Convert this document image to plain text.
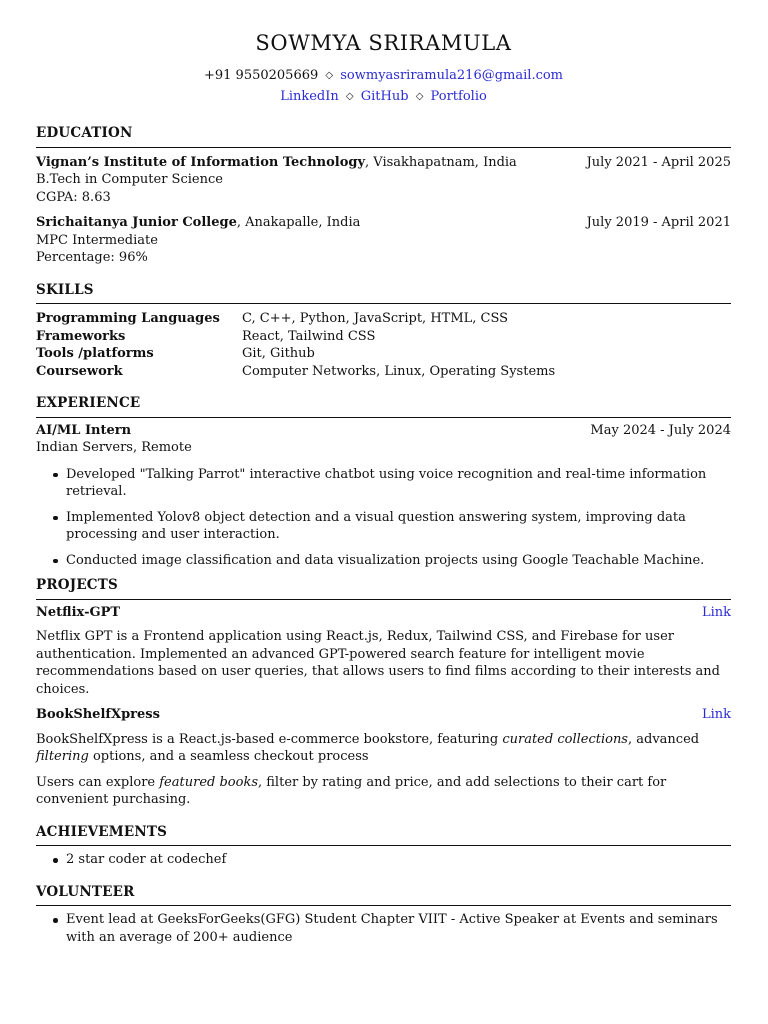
SOWMYA SRIRAMULA
+91 9550205669 ◇ sowmyasriramula216@gmail.com
LinkedIn ◇ GitHub ◇ Portfolio
EDUCATION
Vignan’s Institute of Information Technology, Visakhapatnam, India	July 2021 - April 2025
B.Tech in Computer Science
CGPA: 8.63
Srichaitanya Junior College, Anakapalle, India	July 2019 - April 2021
MPC Intermediate
Percentage: 96%
SKILLS
Programming Languages	C, C++, Python, JavaScript, HTML, CSS
Frameworks	React, Tailwind CSS
Tools /platforms	Git, Github
Coursework	Computer Networks, Linux, Operating Systems
EXPERIENCE
AI/ML Intern	May 2024 - July 2024
Indian Servers, Remote
Developed "Talking Parrot" interactive chatbot using voice recognition and real-time information retrieval.
Implemented Yolov8 object detection and a visual question answering system, improving data processing and user interaction.
Conducted image classification and data visualization projects using Google Teachable Machine.
PROJECTS
Netflix-GPT	Link
Netflix GPT is a Frontend application using React.js, Redux, Tailwind CSS, and Firebase for user authentication. Implemented an advanced GPT-powered search feature for intelligent movie recommendations based on user queries, that allows users to find films according to their interests and choices.
BookShelfXpress	Link
BookShelfXpress is a React.js-based e-commerce bookstore, featuring curated collections, advanced filtering options, and a seamless checkout process
Users can explore featured books, filter by rating and price, and add selections to their cart for convenient purchasing.
ACHIEVEMENTS
2 star coder at codechef
VOLUNTEER
Event lead at GeeksForGeeks(GFG) Student Chapter VIIT - Active Speaker at Events and seminars with an average of 200+ audience
